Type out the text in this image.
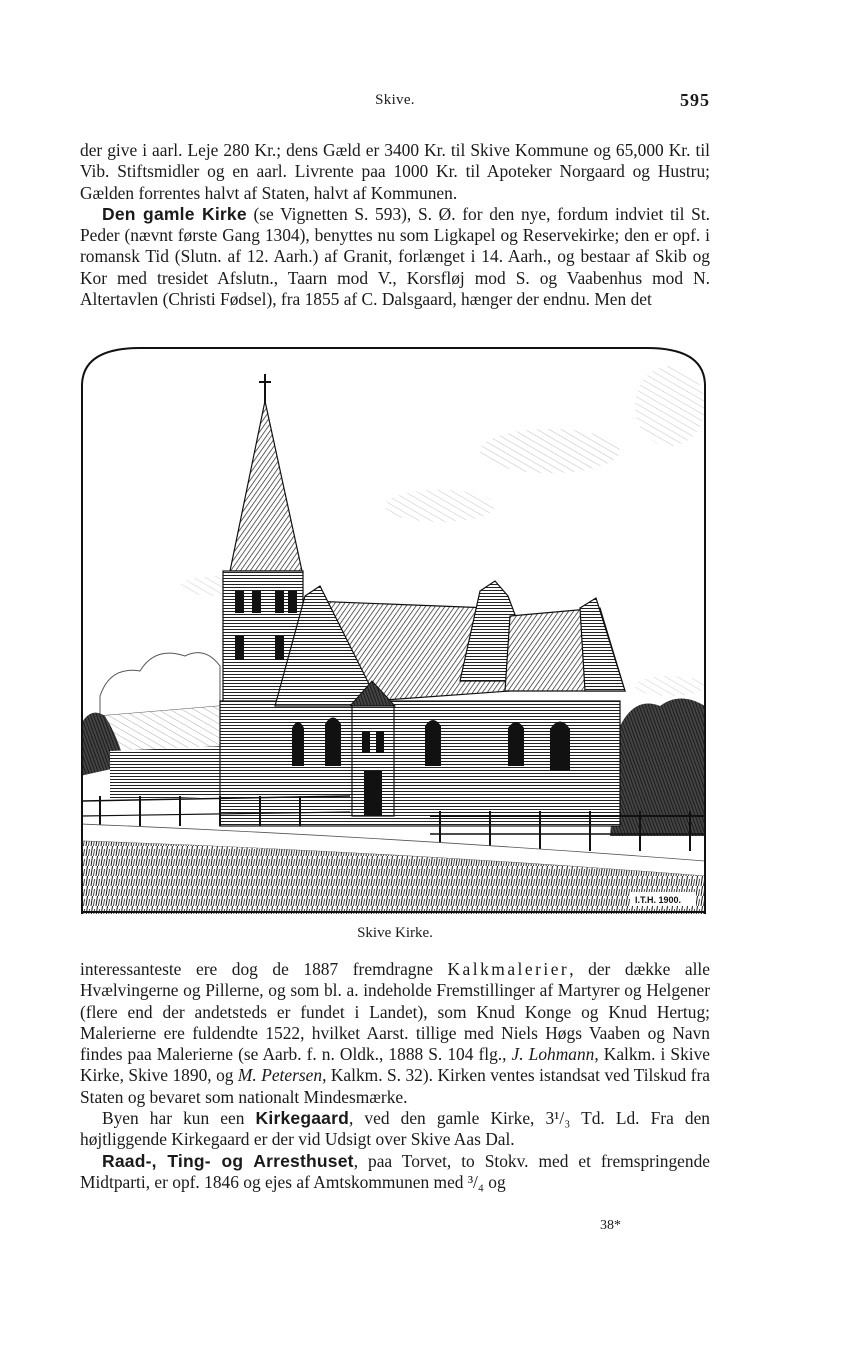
Skive.	595

der give i aarl. Leje 280 Kr.; dens Gæld er 3400 Kr. til Skive Kommune og 65,000 Kr. til Vib. Stiftsmidler og en aarl. Livrente paa 1000 Kr. til Apoteker Norgaard og Hustru; Gælden forrentes halvt af Staten, halvt af Kommunen.

Den gamle Kirke (se Vignetten S. 593), S. Ø. for den nye, fordum indviet til St. Peder (nævnt første Gang 1304), benyttes nu som Ligkapel og Reservekirke; den er opf. i romansk Tid (Slutn. af 12. Aarh.) af Granit, forlænget i 14. Aarh., og bestaar af Skib og Kor med tresidet Afslutn., Taarn mod V., Korsfløj mod S. og Vaabenhus mod N. Altertavlen (Christi Fødsel), fra 1855 af C. Dalsgaard, hænger der endnu. Men det

I.T.H. 1900.
Skive Kirke.

interessanteste ere dog de 1887 fremdragne Kalkmalerier, der dække alle Hvælvingerne og Pillerne, og som bl. a. indeholde Fremstillinger af Martyrer og Helgener (flere end der andetsteds er fundet i Landet), som Knud Konge og Knud Hertug; Malerierne ere fuldendte 1522, hvilket Aarst. tillige med Niels Høgs Vaaben og Navn findes paa Malerierne (se Aarb. f. n. Oldk., 1888 S. 104 flg., J. Lohmann, Kalkm. i Skive Kirke, Skive 1890, og M. Petersen, Kalkm. S. 32). Kirken ventes istandsat ved Tilskud fra Staten og bevaret som nationalt Mindesmærke.

Byen har kun een Kirkegaard, ved den gamle Kirke, 3¹/₃ Td. Ld. Fra den højtliggende Kirkegaard er der vid Udsigt over Skive Aas Dal.

Raad-, Ting- og Arresthuset, paa Torvet, to Stokv. med et fremspringende Midtparti, er opf. 1846 og ejes af Amtskommunen med ³/₄ og

38*
